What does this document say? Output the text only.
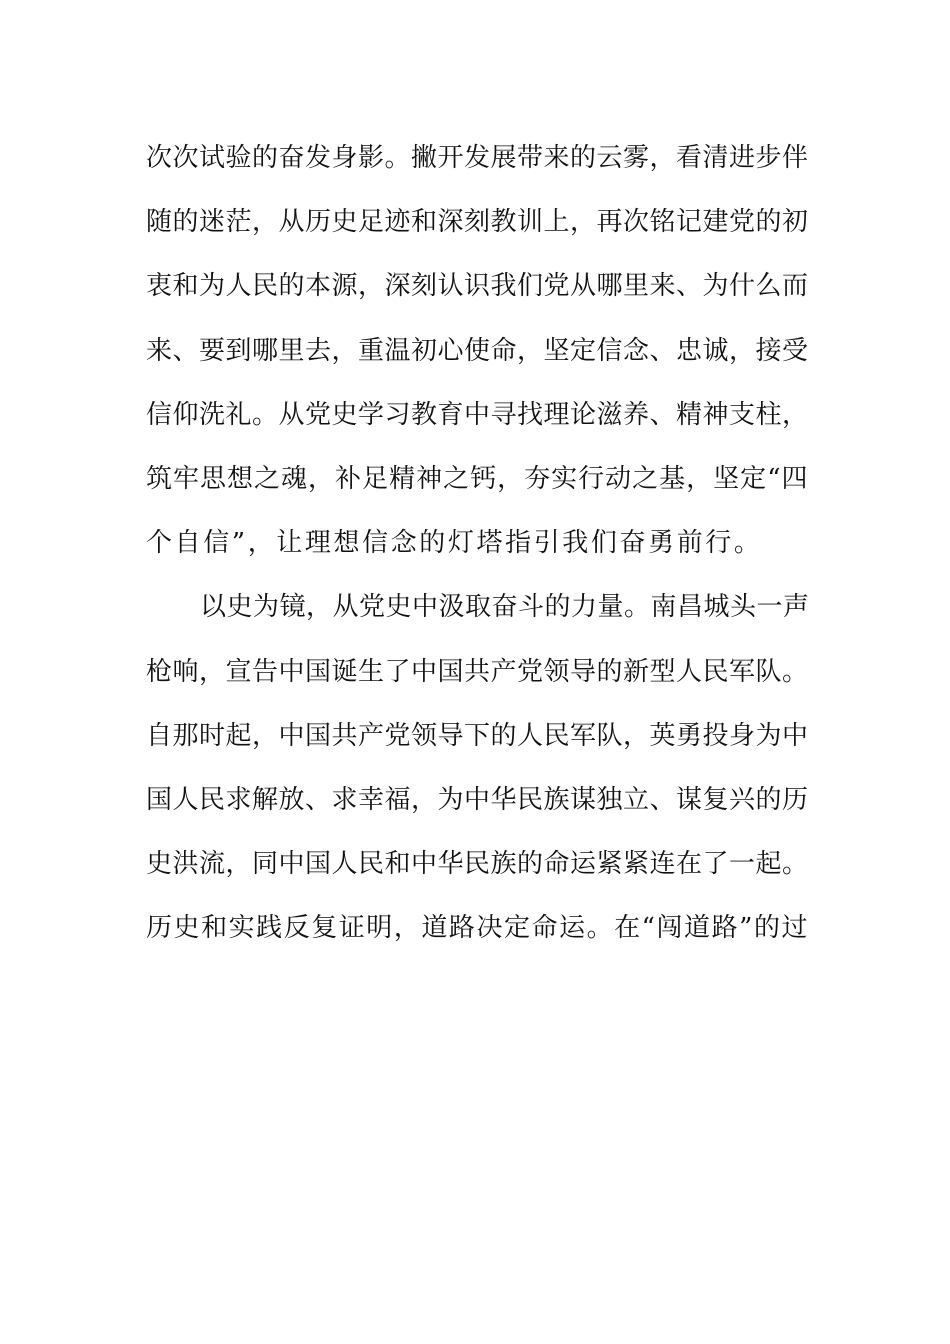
次次试验的奋发身影。撇开发展带来的云雾，看清进步伴
随的迷茫，从历史足迹和深刻教训上，再次铭记建党的初
衷和为人民的本源，深刻认识我们党从哪里来、为什么而
来、要到哪里去，重温初心使命，坚定信念、忠诚，接受
信仰洗礼。从党史学习教育中寻找理论滋养、精神支柱，
筑牢思想之魂，补足精神之钙，夯实行动之基，坚定“四
个自信”，让理想信念的灯塔指引我们奋勇前行。
以史为镜，从党史中汲取奋斗的力量。南昌城头一声
枪响，宣告中国诞生了中国共产党领导的新型人民军队。
自那时起，中国共产党领导下的人民军队，英勇投身为中
国人民求解放、求幸福，为中华民族谋独立、谋复兴的历
史洪流，同中国人民和中华民族的命运紧紧连在了一起。
历史和实践反复证明，道路决定命运。在“闯道路”的过
